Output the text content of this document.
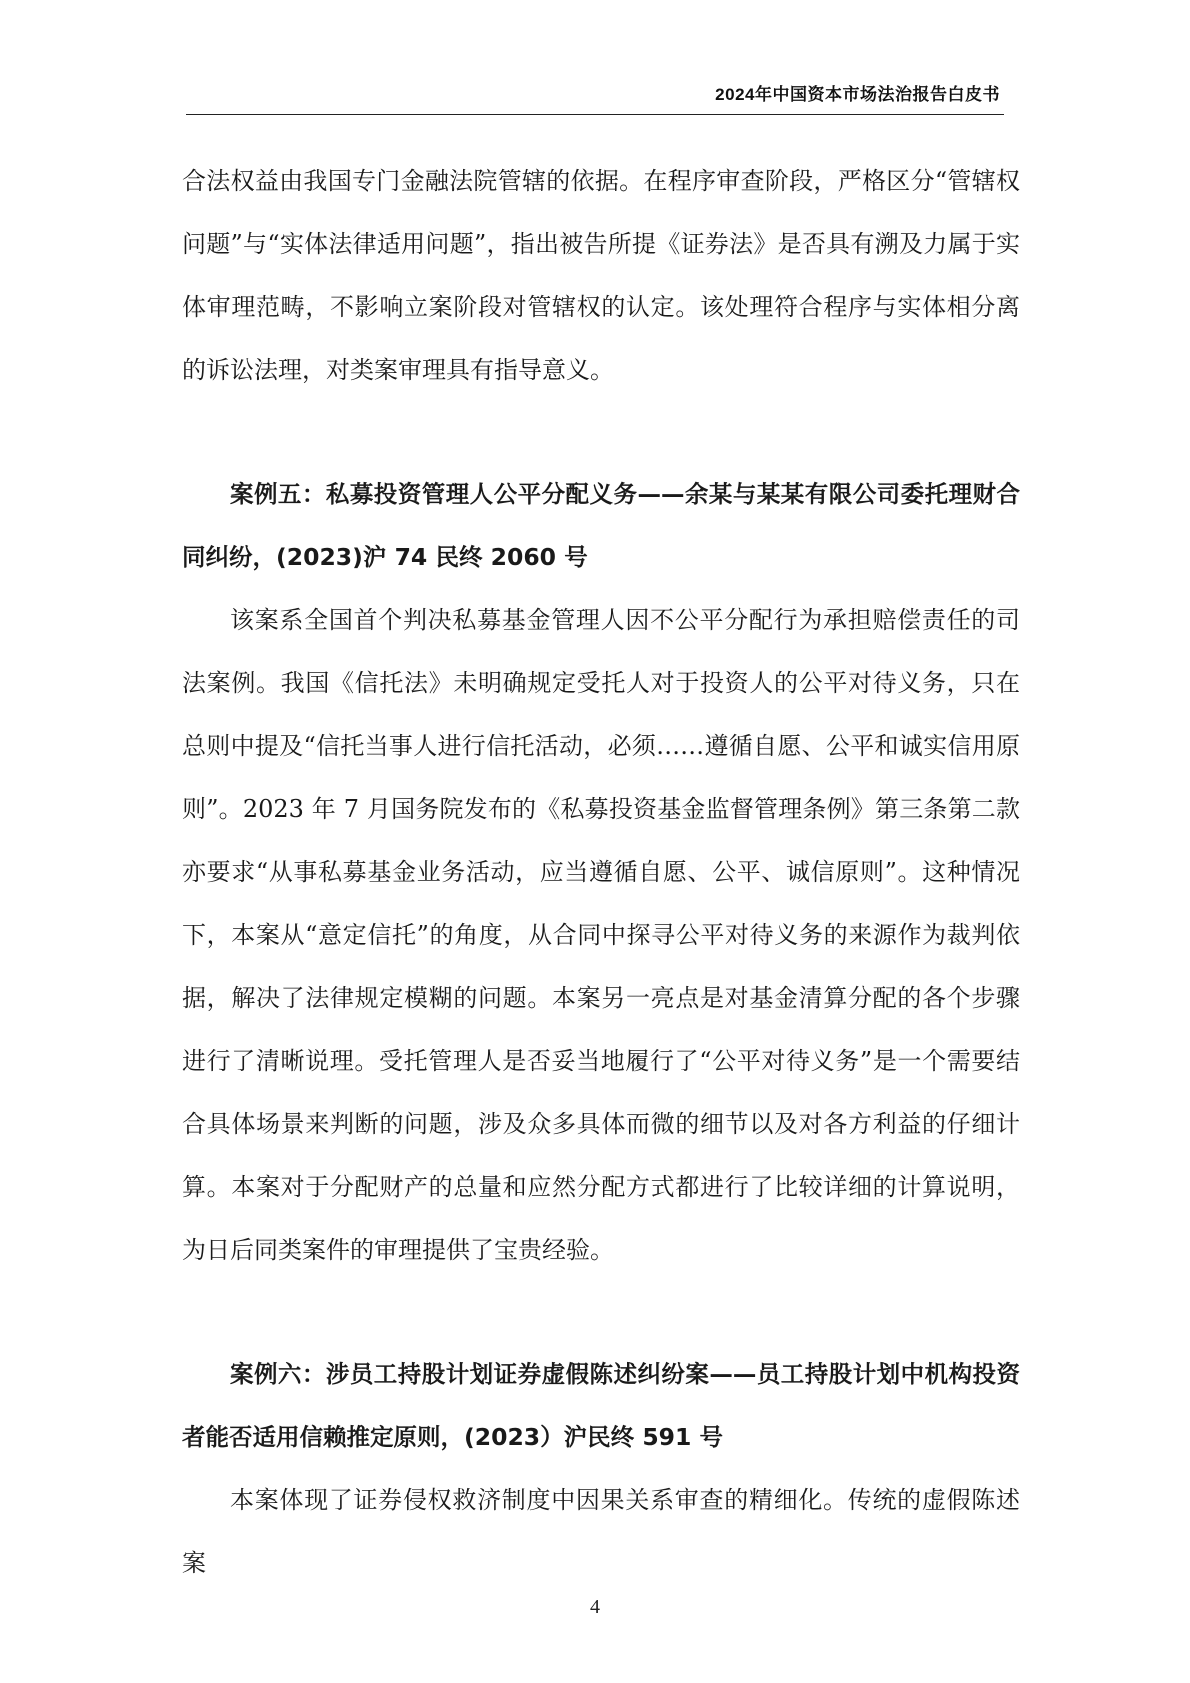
2024年中国资本市场法治报告白皮书

合法权益由我国专门金融法院管辖的依据。在程序审查阶段，严格区分“管辖权问题”与“实体法律适用问题”，指出被告所提《证券法》是否具有溯及力属于实体审理范畴，不影响立案阶段对管辖权的认定。该处理符合程序与实体相分离的诉讼法理，对类案审理具有指导意义。

案例五：私募投资管理人公平分配义务——余某与某某有限公司委托理财合同纠纷，(2023)沪 74 民终 2060 号

该案系全国首个判决私募基金管理人因不公平分配行为承担赔偿责任的司法案例。我国《信托法》未明确规定受托人对于投资人的公平对待义务，只在总则中提及“信托当事人进行信托活动，必须……遵循自愿、公平和诚实信用原则”。2023 年 7 月国务院发布的《私募投资基金监督管理条例》第三条第二款亦要求“从事私募基金业务活动，应当遵循自愿、公平、诚信原则”。这种情况下，本案从“意定信托”的角度，从合同中探寻公平对待义务的来源作为裁判依据，解决了法律规定模糊的问题。本案另一亮点是对基金清算分配的各个步骤进行了清晰说理。受托管理人是否妥当地履行了“公平对待义务”是一个需要结合具体场景来判断的问题，涉及众多具体而微的细节以及对各方利益的仔细计算。本案对于分配财产的总量和应然分配方式都进行了比较详细的计算说明，为日后同类案件的审理提供了宝贵经验。

案例六：涉员工持股计划证券虚假陈述纠纷案——员工持股计划中机构投资者能否适用信赖推定原则，(2023）沪民终 591 号

本案体现了证券侵权救济制度中因果关系审查的精细化。传统的虚假陈述案

4
